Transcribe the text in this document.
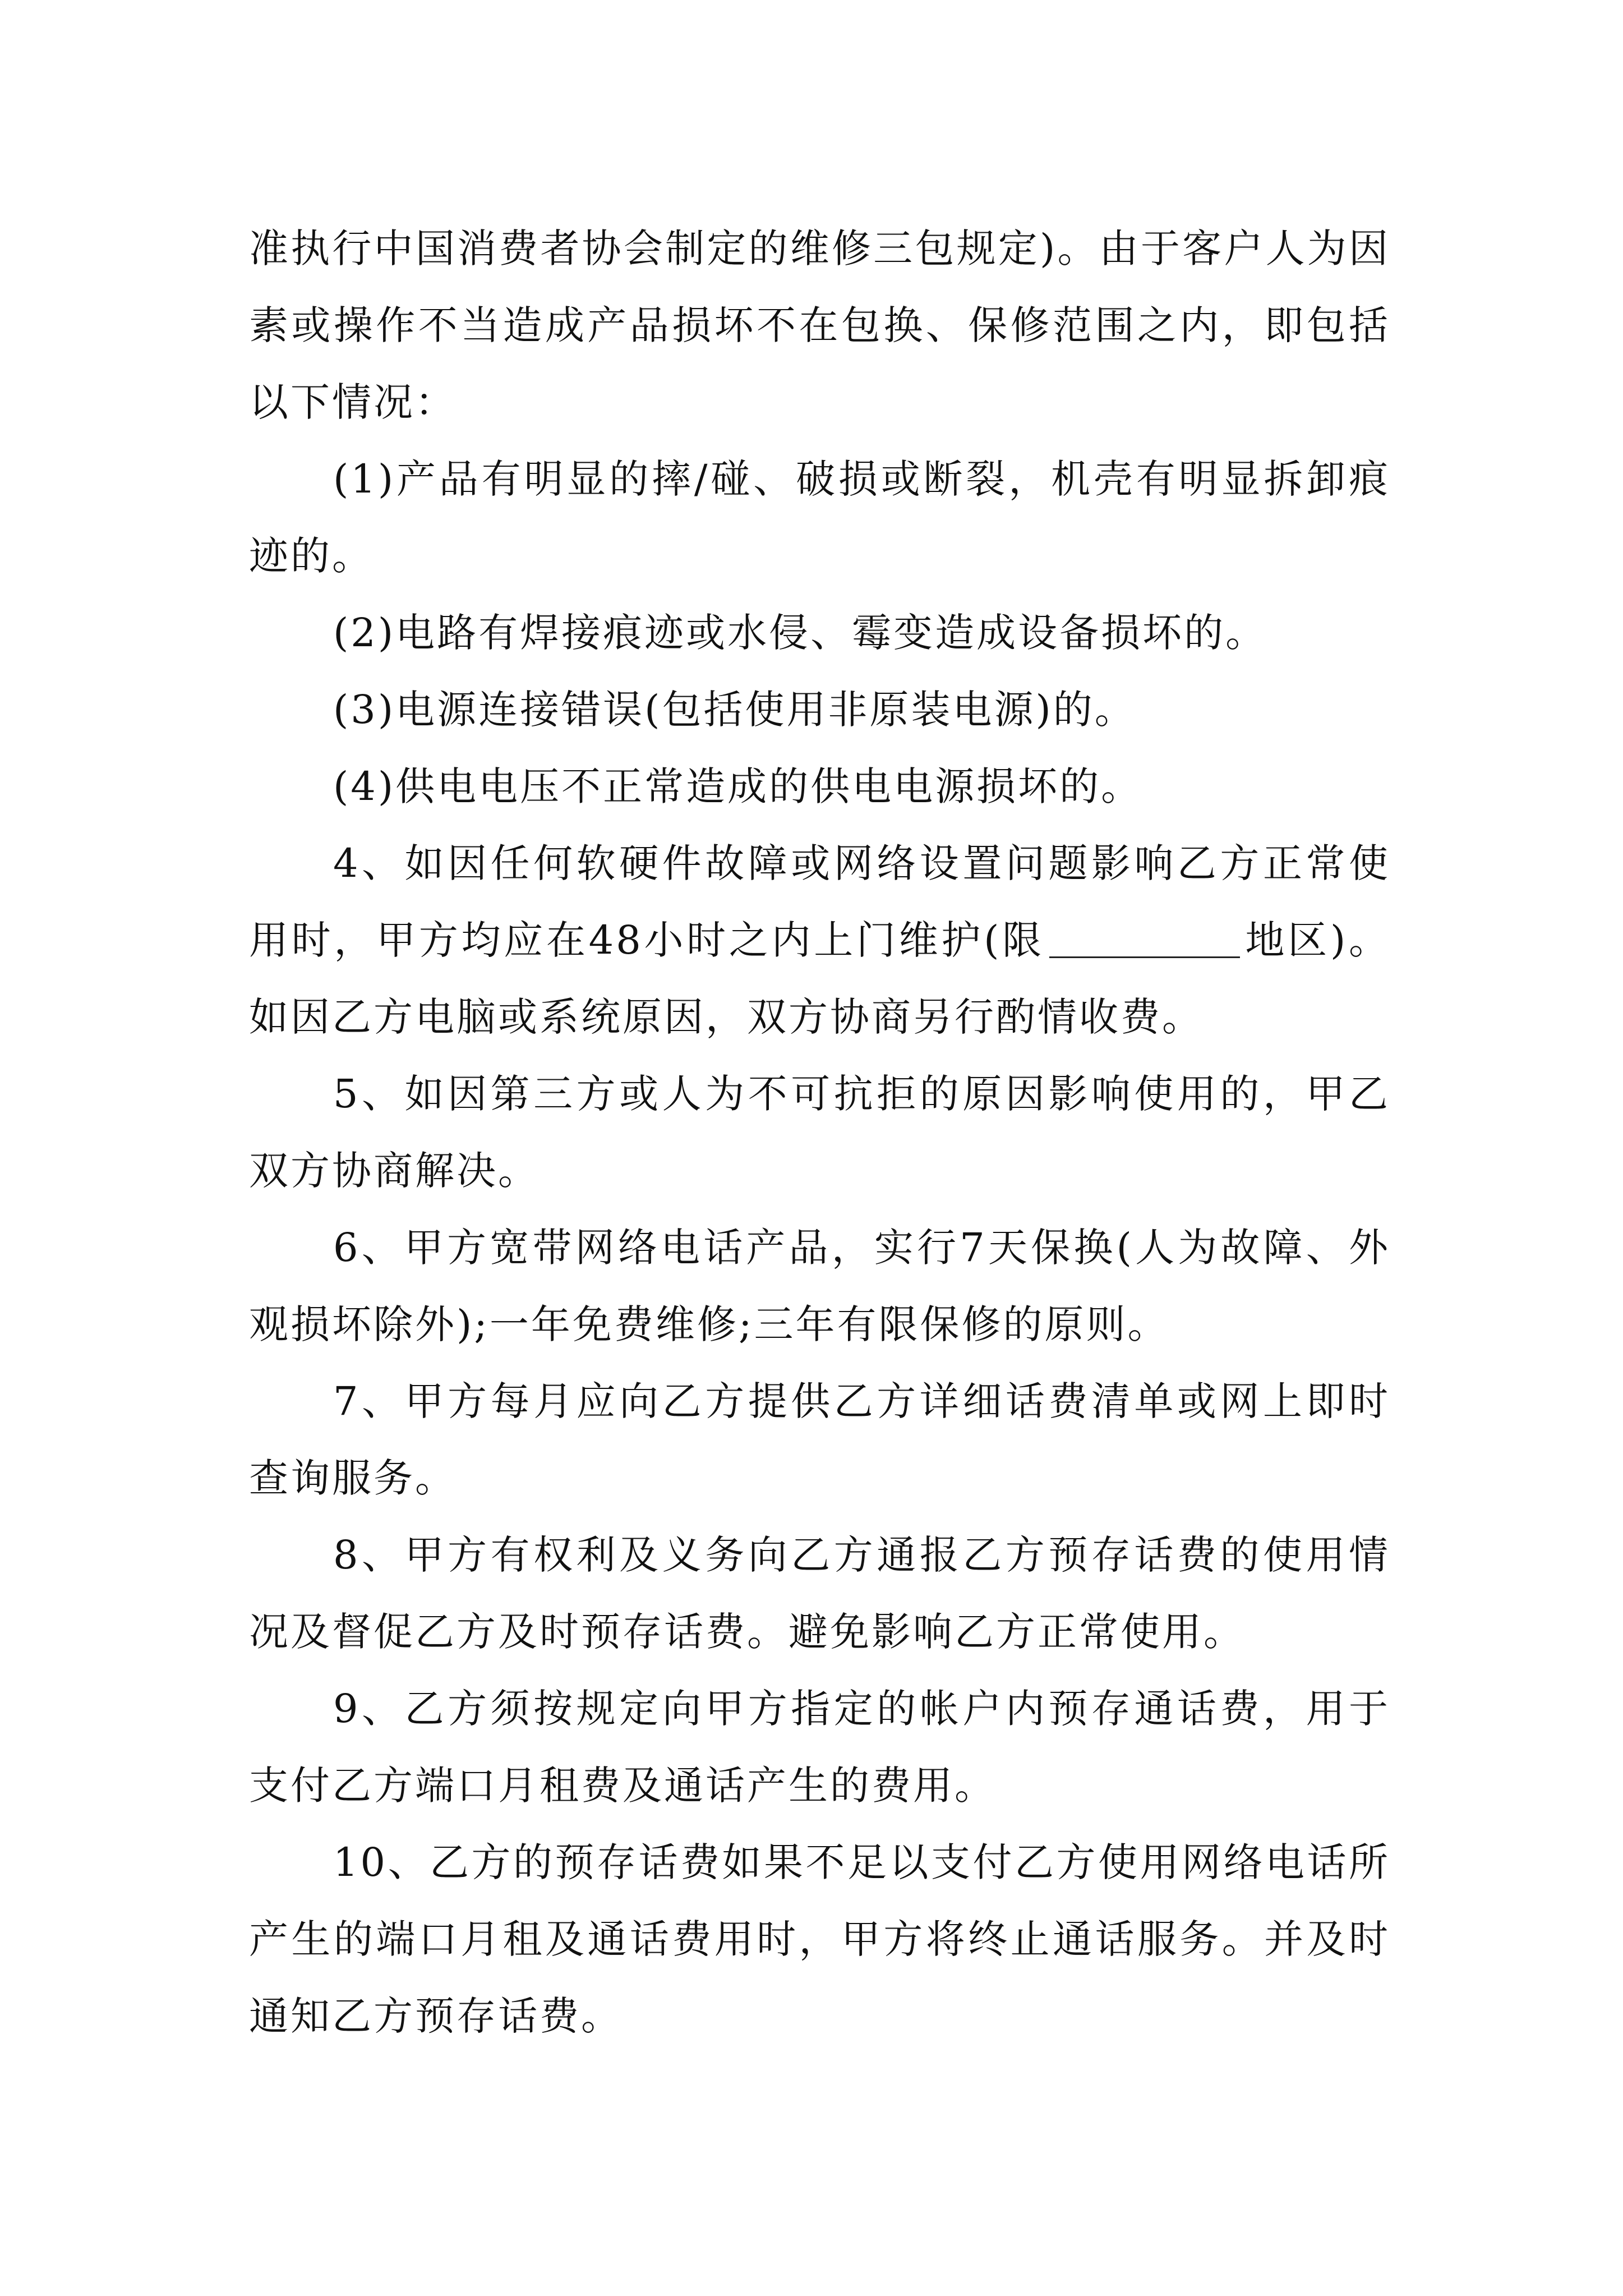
准执行中国消费者协会制定的维修三包规定)。由于客户人为因素或操作不当造成产品损坏不在包换、保修范围之内，即包括以下情况：

(1)产品有明显的摔/碰、破损或断裂，机壳有明显拆卸痕迹的。

(2)电路有焊接痕迹或水侵、霉变造成设备损坏的。

(3)电源连接错误(包括使用非原装电源)的。

(4)供电电压不正常造成的供电电源损坏的。

4、如因任何软硬件故障或网络设置问题影响乙方正常使用时，甲方均应在48小时之内上门维护(限	地区)。如因乙方电脑或系统原因，双方协商另行酌情收费。

5、如因第三方或人为不可抗拒的原因影响使用的，甲乙双方协商解决。

6、甲方宽带网络电话产品，实行7天保换(人为故障、外观损坏除外);一年免费维修;三年有限保修的原则。

7、甲方每月应向乙方提供乙方详细话费清单或网上即时查询服务。

8、甲方有权利及义务向乙方通报乙方预存话费的使用情况及督促乙方及时预存话费。避免影响乙方正常使用。

9、乙方须按规定向甲方指定的帐户内预存通话费，用于支付乙方端口月租费及通话产生的费用。

10、乙方的预存话费如果不足以支付乙方使用网络电话所产生的端口月租及通话费用时，甲方将终止通话服务。并及时通知乙方预存话费。
